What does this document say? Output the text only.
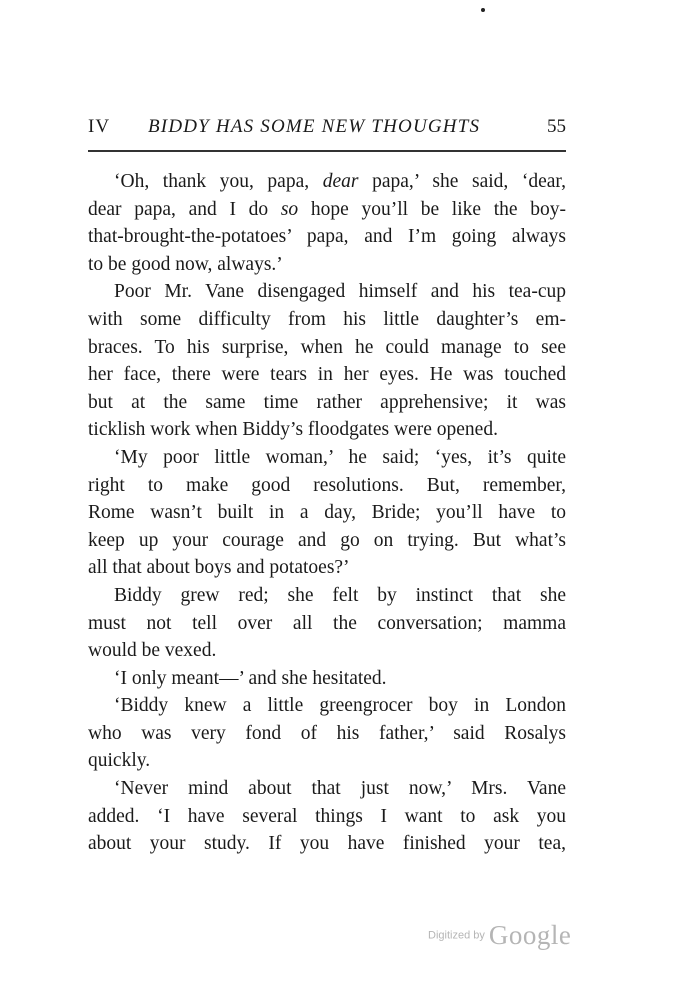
IV BIDDY HAS SOME NEW THOUGHTS	55
‘Oh, thank you, papa, dear papa,’ she said, ‘dear,
dear papa, and I do so hope you’ll be like the boy-
that-brought-the-potatoes’ papa, and I’m going always
to be good now, always.’
Poor Mr. Vane disengaged himself and his tea-cup
with some difficulty from his little daughter’s em-
braces. To his surprise, when he could manage to see
her face, there were tears in her eyes. He was touched
but at the same time rather apprehensive; it was
ticklish work when Biddy’s floodgates were opened.
‘My poor little woman,’ he said; ‘yes, it’s quite
right to make good resolutions. But, remember,
Rome wasn’t built in a day, Bride; you’ll have to
keep up your courage and go on trying. But what’s
all that about boys and potatoes?’
Biddy grew red; she felt by instinct that she
must not tell over all the conversation; mamma
would be vexed.
‘I only meant—’ and she hesitated.
‘Biddy knew a little greengrocer boy in London
who was very fond of his father,’ said Rosalys
quickly.
‘Never mind about that just now,’ Mrs. Vane
added. ‘I have several things I want to ask you
about your study. If you have finished your tea,
Digitized by Google
